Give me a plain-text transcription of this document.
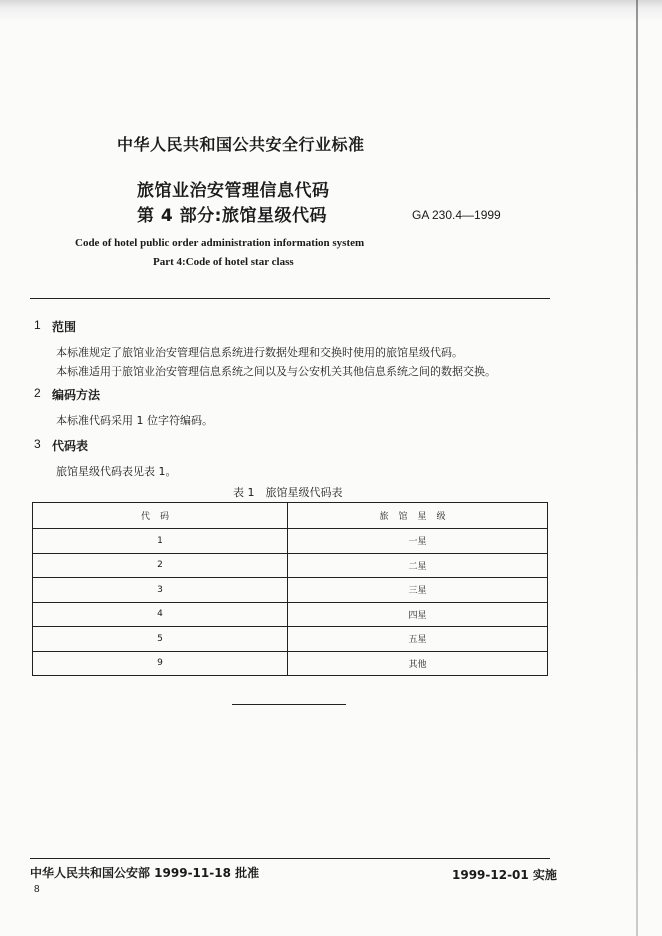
中华人民共和国公共安全行业标准
旅馆业治安管理信息代码
第 4 部分:旅馆星级代码	GA 230.4—1999
Code of hotel public order administration information system
Part 4:Code of hotel star class
1 范围
本标准规定了旅馆业治安管理信息系统进行数据处理和交换时使用的旅馆星级代码。
本标准适用于旅馆业治安管理信息系统之间以及与公安机关其他信息系统之间的数据交换。
2 编码方法
本标准代码采用 1 位字符编码。
3 代码表
旅馆星级代码表见表 1。
表 1　旅馆星级代码表
代码	旅馆星级
1	一星
2	二星
3	三星
4	四星
5	五星
9	其他
中华人民共和国公安部 1999-11-18 批准	1999-12-01 实施
8
